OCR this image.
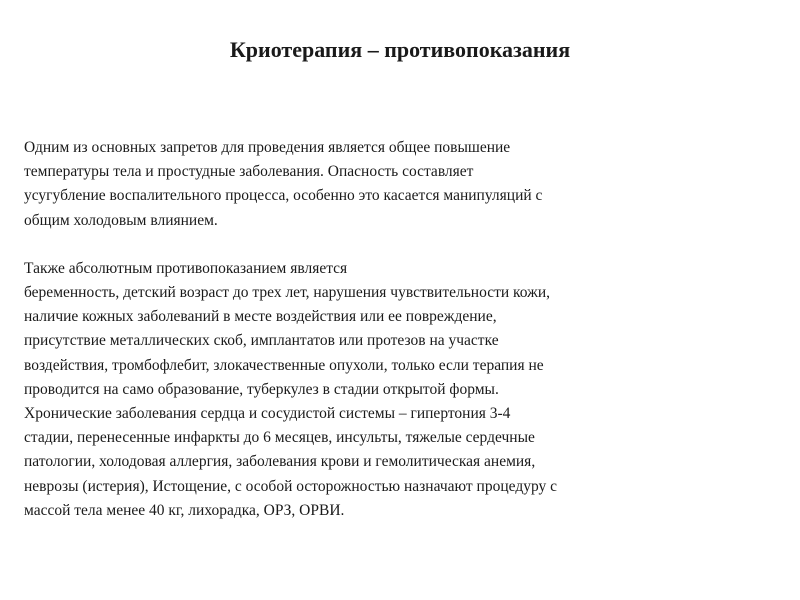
Криотерапия – противопоказания
Одним из основных запретов для проведения является общее повышение
температуры тела и простудные заболевания. Опасность составляет
усугубление воспалительного процесса, особенно это касается манипуляций с
общим холодовым влиянием.
Также абсолютным противопоказанием является
беременность, детский возраст до трех лет, нарушения чувствительности кожи,
наличие кожных заболеваний в месте воздействия или ее повреждение,
присутствие металлических скоб, имплантатов или протезов на участке
воздействия, тромбофлебит, злокачественные опухоли, только если терапия не
проводится на само образование, туберкулез в стадии открытой формы.
Хронические заболевания сердца и сосудистой системы – гипертония 3-4
стадии, перенесенные инфаркты до 6 месяцев, инсульты, тяжелые сердечные
патологии, холодовая аллергия, заболевания крови и гемолитическая анемия,
неврозы (истерия), Истощение, с особой осторожностью назначают процедуру с
массой тела менее 40 кг, лихорадка, ОРЗ, ОРВИ.
